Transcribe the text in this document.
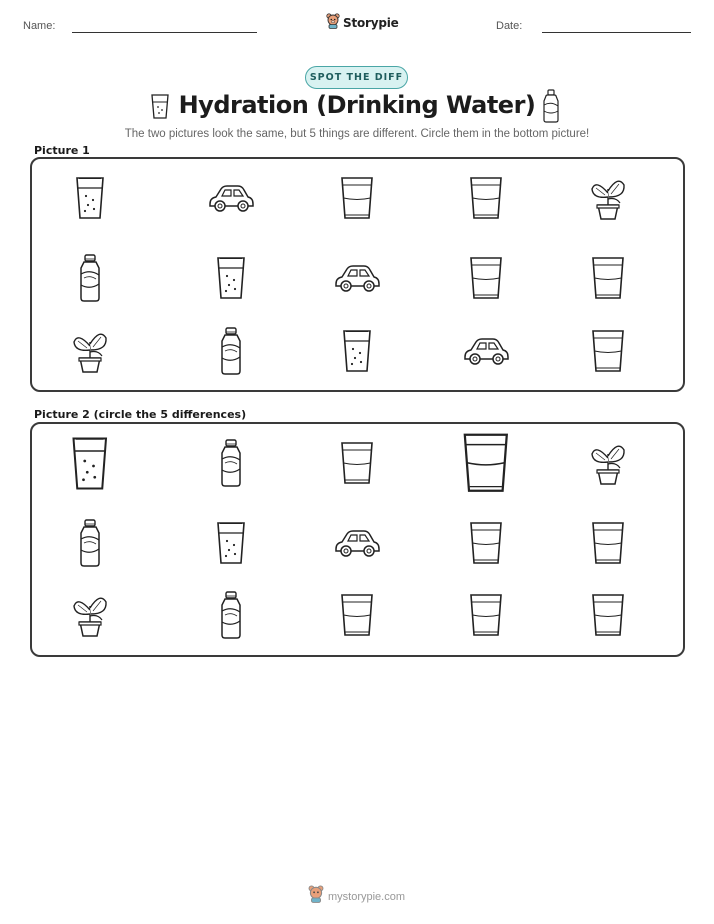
Name:	Storypie	Date:
SPOT THE DIFF
Hydration (Drinking Water)
The two pictures look the same, but 5 things are different. Circle them in the bottom picture!
Picture 1
Picture 2 (circle the 5 differences)
mystorypie.com
